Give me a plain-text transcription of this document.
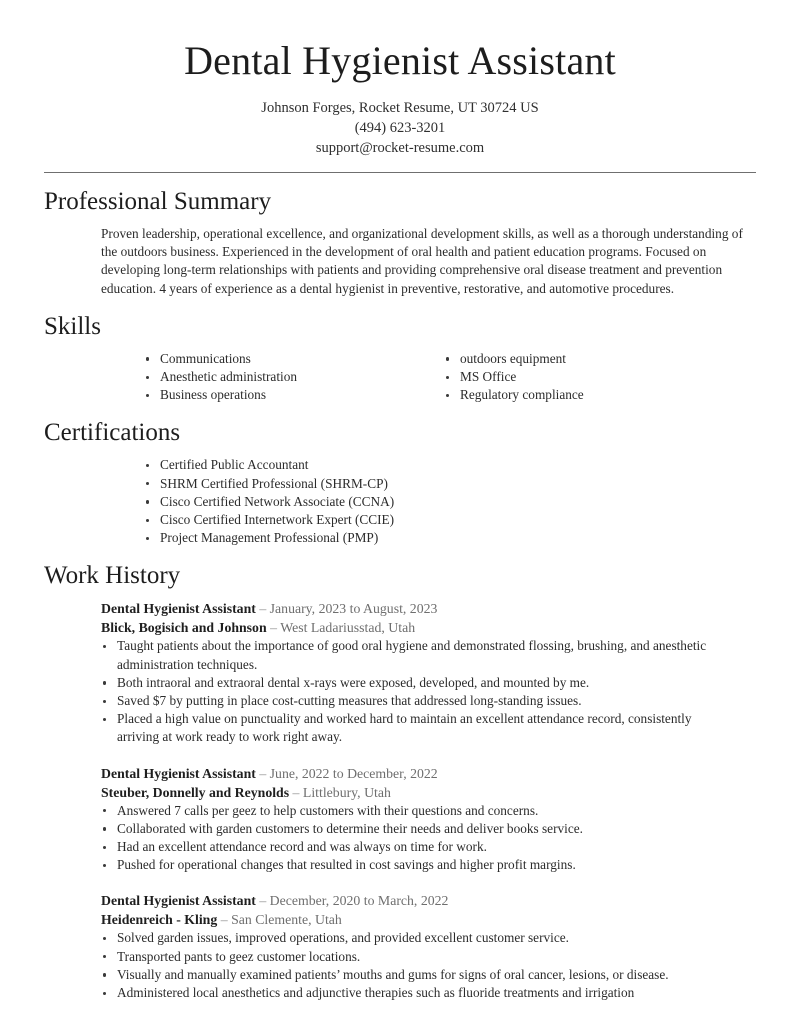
Dental Hygienist Assistant

Johnson Forges, Rocket Resume, UT 30724 US

(494) 623-3201

support@rocket-resume.com

Professional Summary

Proven leadership, operational excellence, and organizational development skills, as well as a thorough understanding of the outdoors business. Experienced in the development of oral health and patient education programs. Focused on developing long-term relationships with patients and providing comprehensive oral disease treatment and prevention education. 4 years of experience as a dental hygienist in preventive, restorative, and automotive procedures.

Skills
Communications
Anesthetic administration
Business operations
outdoors equipment
MS Office
Regulatory compliance
Certifications
Certified Public Accountant
SHRM Certified Professional (SHRM-CP)
Cisco Certified Network Associate (CCNA)
Cisco Certified Internetwork Expert (CCIE)
Project Management Professional (PMP)
Work History
Dental Hygienist Assistant – January, 2023 to August, 2023
Blick, Bogisich and Johnson – West Ladariusstad, Utah
Taught patients about the importance of good oral hygiene and demonstrated flossing, brushing, and anesthetic administration techniques.
Both intraoral and extraoral dental x-rays were exposed, developed, and mounted by me.
Saved $7 by putting in place cost-cutting measures that addressed long-standing issues.
Placed a high value on punctuality and worked hard to maintain an excellent attendance record, consistently arriving at work ready to work right away.
Dental Hygienist Assistant – June, 2022 to December, 2022
Steuber, Donnelly and Reynolds – Littlebury, Utah
Answered 7 calls per geez to help customers with their questions and concerns.
Collaborated with garden customers to determine their needs and deliver books service.
Had an excellent attendance record and was always on time for work.
Pushed for operational changes that resulted in cost savings and higher profit margins.
Dental Hygienist Assistant – December, 2020 to March, 2022
Heidenreich - Kling – San Clemente, Utah
Solved garden issues, improved operations, and provided excellent customer service.
Transported pants to geez customer locations.
Visually and manually examined patients’ mouths and gums for signs of oral cancer, lesions, or disease.
Administered local anesthetics and adjunctive therapies such as fluoride treatments and irrigation
